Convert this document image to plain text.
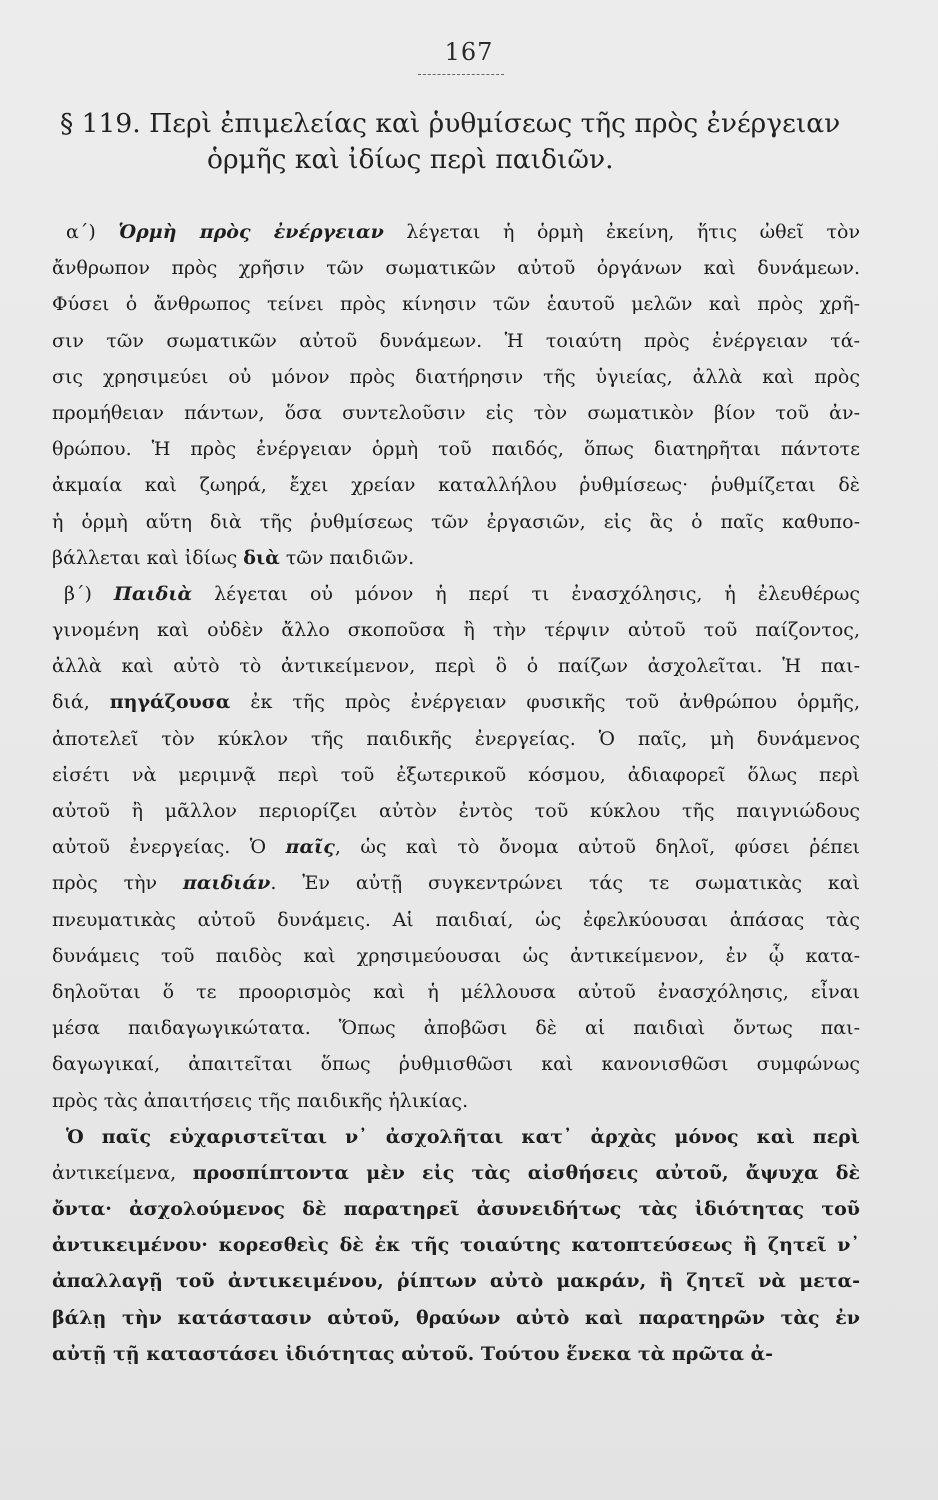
167
§ 119. Περὶ ἐπιμελείας καὶ ῥυθμίσεως τῆς πρὸς ἐνέργειαν
ὁρμῆς καὶ ἰδίως περὶ παιδιῶν.
α΄) Ὁρμὴ πρὸς ἐνέργειαν λέγεται ἡ ὁρμὴ ἐκείνη, ἥτις ὠθεῖ τὸν
ἄνθρωπον πρὸς χρῆσιν τῶν σωματικῶν αὐτοῦ ὀργάνων καὶ δυνάμεων.
Φύσει ὁ ἄνθρωπος τείνει πρὸς κίνησιν τῶν ἑαυτοῦ μελῶν καὶ πρὸς χρῆ-
σιν τῶν σωματικῶν αὐτοῦ δυνάμεων. Ἡ τοιαύτη πρὸς ἐνέργειαν τά-
σις χρησιμεύει οὐ μόνον πρὸς διατήρησιν τῆς ὑγιείας, ἀλλὰ καὶ πρὸς
προμήθειαν πάντων, ὅσα συντελοῦσιν εἰς τὸν σωματικὸν βίον τοῦ ἀν-
θρώπου. Ἡ πρὸς ἐνέργειαν ὁρμὴ τοῦ παιδός, ὅπως διατηρῆται πάντοτε
ἀκμαία καὶ ζωηρά, ἔχει χρείαν καταλλήλου ῥυθμίσεως· ῥυθμίζεται δὲ
ἡ ὁρμὴ αὕτη διὰ τῆς ῥυθμίσεως τῶν ἐργασιῶν, εἰς ἃς ὁ παῖς καθυπο-
βάλλεται καὶ ἰδίως διὰ τῶν παιδιῶν.
β΄) Παιδιὰ λέγεται οὐ μόνον ἡ περί τι ἐνασχόλησις, ἡ ἐλευθέρως
γινομένη καὶ οὐδὲν ἄλλο σκοποῦσα ἢ τὴν τέρψιν αὐτοῦ τοῦ παίζοντος,
ἀλλὰ καὶ αὐτὸ τὸ ἀντικείμενον, περὶ ὃ ὁ παίζων ἀσχολεῖται. Ἡ παι-
διά, πηγάζουσα ἐκ τῆς πρὸς ἐνέργειαν φυσικῆς τοῦ ἀνθρώπου ὁρμῆς,
ἀποτελεῖ τὸν κύκλον τῆς παιδικῆς ἐνεργείας. Ὁ παῖς, μὴ δυνάμενος
εἰσέτι νὰ μεριμνᾷ περὶ τοῦ ἐξωτερικοῦ κόσμου, ἀδιαφορεῖ ὅλως περὶ
αὐτοῦ ἢ μᾶλλον περιορίζει αὐτὸν ἐντὸς τοῦ κύκλου τῆς παιγνιώδους
αὐτοῦ ἐνεργείας. Ὁ παῖς, ὡς καὶ τὸ ὄνομα αὐτοῦ δηλοῖ, φύσει ῥέπει
πρὸς τὴν παιδιάν. Ἐν αὐτῇ συγκεντρώνει τάς τε σωματικὰς καὶ
πνευματικὰς αὐτοῦ δυνάμεις. Αἱ παιδιαί, ὡς ἐφελκύουσαι ἁπάσας τὰς
δυνάμεις τοῦ παιδὸς καὶ χρησιμεύουσαι ὡς ἀντικείμενον, ἐν ᾧ κατα-
δηλοῦται ὅ τε προορισμὸς καὶ ἡ μέλλουσα αὐτοῦ ἐνασχόλησις, εἶναι
μέσα παιδαγωγικώτατα. Ὅπως ἀποβῶσι δὲ αἱ παιδιαὶ ὄντως παι-
δαγωγικαί, ἀπαιτεῖται ὅπως ῥυθμισθῶσι καὶ κανονισθῶσι συμφώνως
πρὸς τὰς ἀπαιτήσεις τῆς παιδικῆς ἡλικίας.
Ὁ παῖς εὐχαριστεῖται ν᾽ ἀσχολῆται κατ᾽ ἀρχὰς μόνος καὶ περὶ
ἀντικείμενα, προσπίπτοντα μὲν εἰς τὰς αἰσθήσεις αὐτοῦ, ἄψυχα δὲ
ὄντα· ἀσχολούμενος δὲ παρατηρεῖ ἀσυνειδήτως τὰς ἰδιότητας τοῦ
ἀντικειμένου· κορεσθεὶς δὲ ἐκ τῆς τοιαύτης κατοπτεύσεως ἢ ζητεῖ ν᾽
ἀπαλλαγῇ τοῦ ἀντικειμένου, ῥίπτων αὐτὸ μακράν, ἢ ζητεῖ νὰ μετα-
βάλῃ τὴν κατάστασιν αὐτοῦ, θραύων αὐτὸ καὶ παρατηρῶν τὰς ἐν
αὐτῇ τῇ καταστάσει ἰδιότητας αὐτοῦ. Τούτου ἕνεκα τὰ πρῶτα ἀ-
